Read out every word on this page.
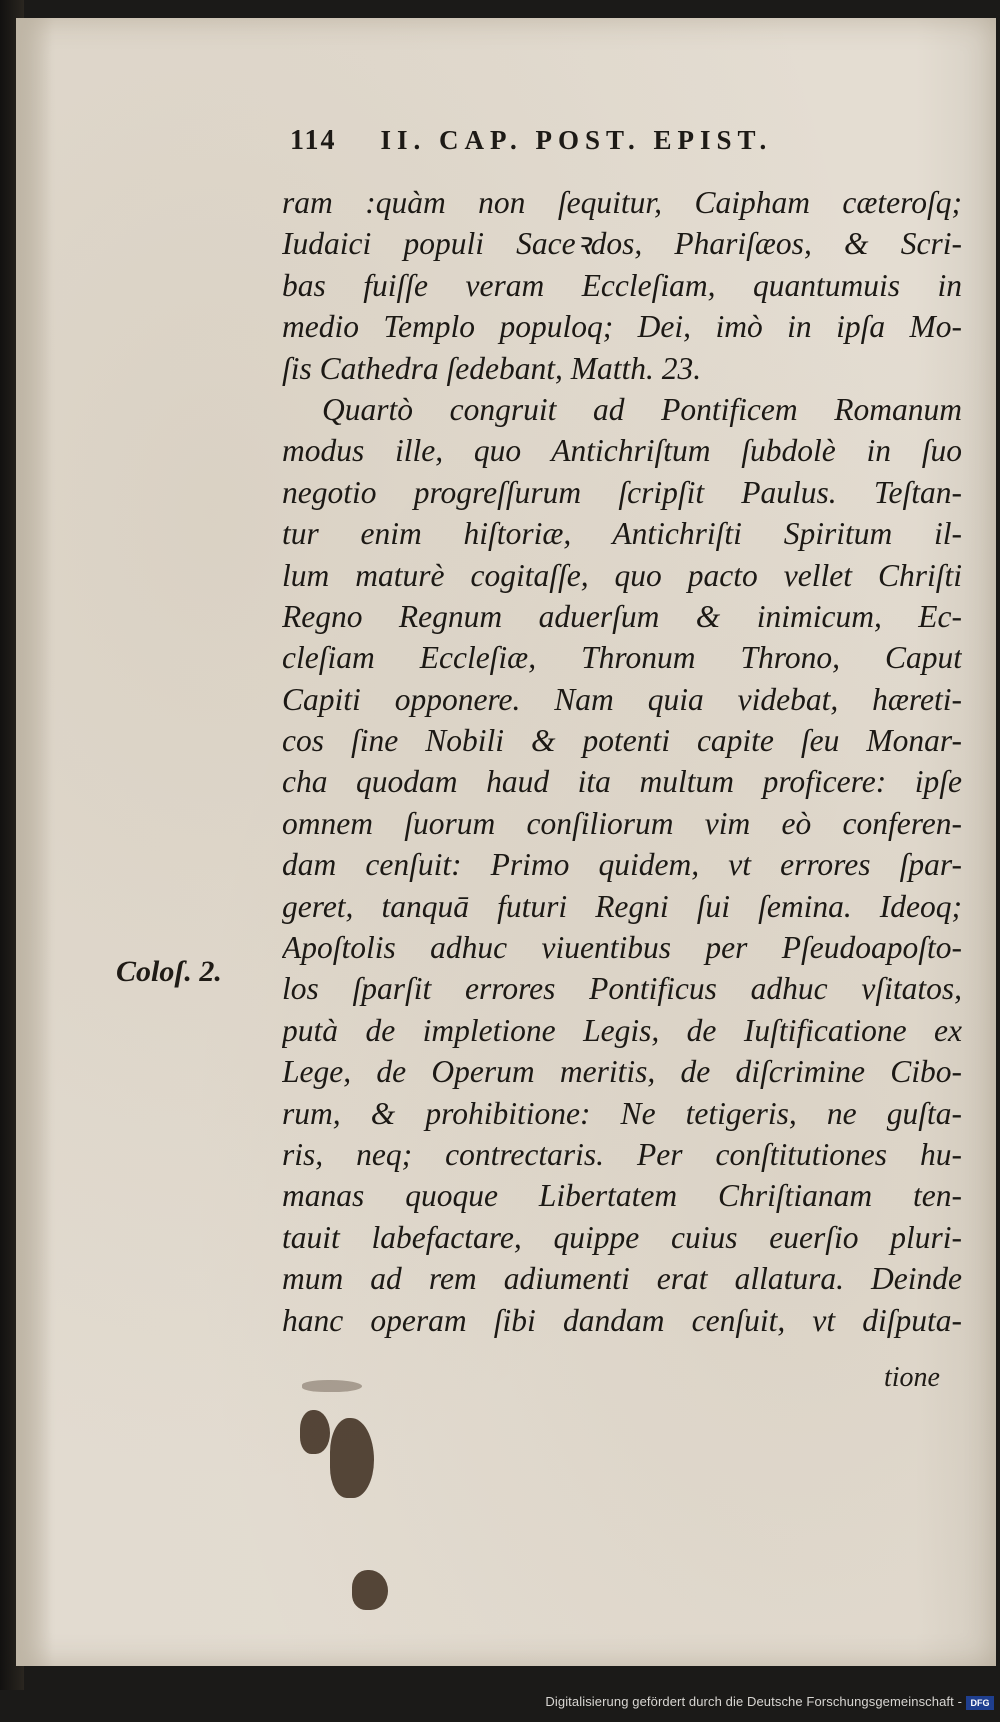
114 II. CAP. POST. EPIST.
ram :quàm non ſequitur, Caipham cæteroſq;
Iudaici populi Saceꝛdos, Phariſæos, & Scri-
bas fuiſſe veram Eccleſiam, quantumuis in
medio Templo populoq; Dei, imò in ipſa Mo-
ſis Cathedra ſedebant, Matth. 23.
Quartò congruit ad Pontificem Romanum
modus ille, quo Antichriſtum ſubdolè in ſuo
negotio progreſſurum ſcripſit Paulus. Teſtan-
tur enim hiſtoriæ, Antichriſti Spiritum il-
lum maturè cogitaſſe, quo pacto vellet Chriſti
Regno Regnum aduerſum & inimicum, Ec-
cleſiam Eccleſiæ, Thronum Throno, Caput
Capiti opponere. Nam quia videbat, hæreti-
cos ſine Nobili & potenti capite ſeu Monar-
cha quodam haud ita multum proficere: ipſe
omnem ſuorum conſiliorum vim eò conferen-
dam cenſuit: Primo quidem, vt errores ſpar-
geret, tanquā futuri Regni ſui ſemina. Ideoq;
Apoſtolis adhuc viuentibus per Pſeudoapoſto-
los ſparſit errores Pontificus adhuc vſitatos,
putà de impletione Legis, de Iuſtificatione ex
Lege, de Operum meritis, de diſcrimine Cibo-
rum, & prohibitione: Ne tetigeris, ne guſta-
ris, neq; contrectaris. Per conſtitutiones hu-
manas quoque Libertatem Chriſtianam ten-
tauit labefactare, quippe cuius euerſio pluri-
mum ad rem adiumenti erat allatura. Deinde
hanc operam ſibi dandam cenſuit, vt diſputa-
Coloſ. 2.
tione
Digitalisierung gefördert durch die Deutsche Forschungsgemeinschaft - DFG
